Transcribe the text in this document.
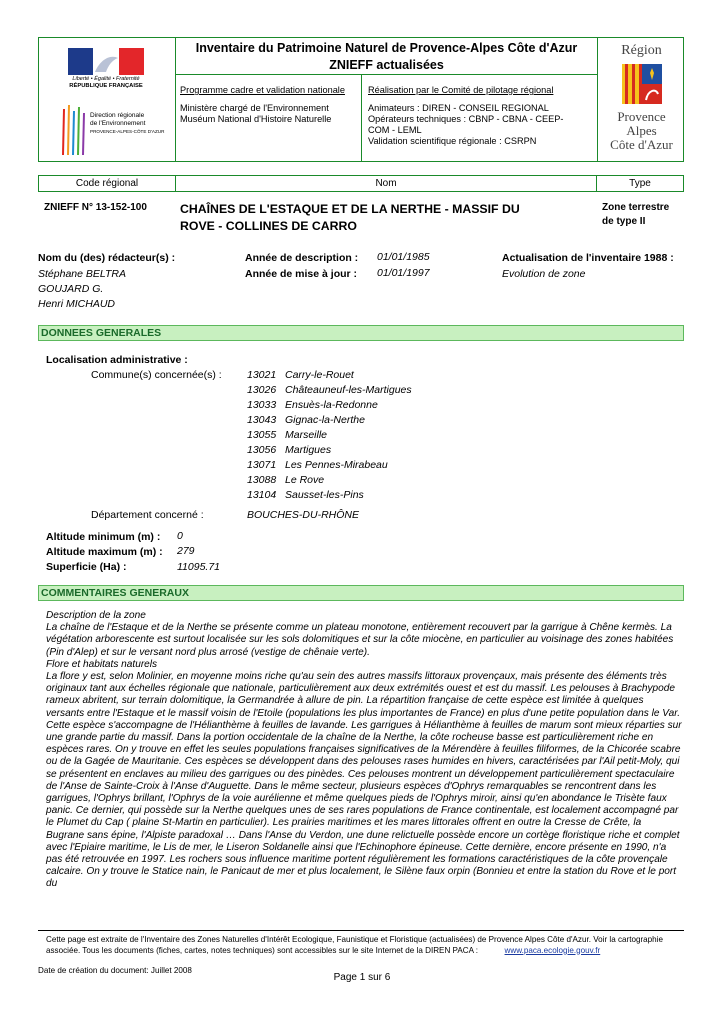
Liberté • Égalité • Fraternité
RÉPUBLIQUE FRANÇAISE
Direction régionale
de l'Environnement
PROVENCE-ALPES-CÔTE D'AZUR
Inventaire du Patrimoine Naturel de Provence-Alpes Côte d'Azur
ZNIEFF actualisées
Programme cadre et validation nationale
Ministère chargé de l'Environnement
Muséum National d'Histoire Naturelle
Réalisation par le Comité de pilotage régional
Animateurs : DIREN - CONSEIL REGIONAL
Opérateurs techniques : CBNP - CBNA - CEEP-
COM - LEML
Validation scientifique régionale : CSRPN
Région
Provence
Alpes
Côte d'Azur
Code régional	Nom	Type
ZNIEFF N° 13-152-100	CHAÎNES DE L'ESTAQUE ET DE LA NERTHE - MASSIF DU
ROVE - COLLINES DE CARRO
Zone terrestre
de type II
Nom du (des) rédacteur(s) :
Stéphane BELTRA
GOUJARD G.
Henri MICHAUD
Année de description : 01/01/1985
Année de mise à jour : 01/01/1997
Actualisation de l'inventaire 1988 :
Evolution de zone
DONNEES GENERALES
Localisation administrative :
Commune(s) concernée(s) : 13021 Carry-le-Rouet
13026 Châteauneuf-les-Martigues
13033 Ensuès-la-Redonne
13043 Gignac-la-Nerthe
13055 Marseille
13056 Martigues
13071 Les Pennes-Mirabeau
13088 Le Rove
13104 Sausset-les-Pins
Département concerné :	BOUCHES-DU-RHÔNE
Altitude minimum (m) : 0
Altitude maximum (m) : 279
Superficie (Ha) :	11095.71
COMMENTAIRES GENERAUX

Description de la zone

La chaîne de l'Estaque et de la Nerthe se présente comme un plateau monotone, entièrement recouvert par la garrigue à Chêne kermès. La végétation arborescente est surtout localisée sur les sols dolomitiques et sur la côte miocène, en particulier au voisinage des zones habitées (Pin d'Alep) et sur le versant nord plus arrosé (vestige de chênaie verte).

Flore et habitats naturels

La flore y est, selon Molinier, en moyenne moins riche qu'au sein des autres massifs littoraux provençaux, mais présente des éléments très originaux tant aux échelles régionale que nationale, particulièrement aux deux extrémités ouest et est du massif. Les pelouses à Brachypode rameux abritent, sur terrain dolomitique, la Germandrée à allure de pin. La répartition française de cette espèce est limitée à quelques versants entre l'Estaque et le massif voisin de l'Etoile (populations les plus importantes de France) en plus d'une petite population dans le Var. Cette espèce s'accompagne de l'Hélianthème à feuilles de lavande. Les garrigues à Hélianthème à feuilles de marum sont mieux réparties sur une grande partie du massif. Dans la portion occidentale de la chaîne de la Nerthe, la côte rocheuse basse est particulièrement riche en espèces rares. On y trouve en effet les seules populations françaises significatives de la Mérendère à feuilles filiformes, de la Chicorée scabre ou de la Gagée de Mauritanie. Ces espèces se développent dans des pelouses rases humides en hivers, caractérisées par l'Ail petit-Moly, qui se présentent en enclaves au milieu des garrigues ou des pinèdes. Ces pelouses montrent un développement particulièrement spectaculaire de l'Anse de Sainte-Croix à l'Anse d'Auguette. Dans le même secteur, plusieurs espèces d'Ophrys remarquables se rencontrent dans les garrigues, l'Ophrys brillant, l'Ophrys de la voie aurélienne et même quelques pieds de l'Ophrys miroir, ainsi qu'en abondance le Trisète faux panic. Ce dernier, qui possède sur la Nerthe quelques unes de ses rares populations de France continentale, est localement accompagné par le Plumet du Cap ( plaine St-Martin en particulier). Les prairies maritimes et les mares littorales offrent en outre la Cresse de Crête, la Bugrane sans épine, l'Alpiste paradoxal … Dans l'Anse du Verdon, une dune relictuelle possède encore un cortège floristique riche et complet avec l'Epiaire maritime, le Lis de mer, le Liseron Soldanelle ainsi que l'Echinophore épineuse. Cette dernière, encore présente en 1990, n'a pas été retrouvée en 1997. Les rochers sous influence maritime portent régulièrement les formations caractéristiques de la côte provençale calcaire. On y trouve le Statice nain, le Panicaut de mer et plus localement, le Silène faux orpin (Bonnieu et entre la station du Rove et le port du

Cette page est extraite de l'Inventaire des Zones Naturelles d'Intérêt Ecologique, Faunistique et Floristique (actualisées) de Provence Alpes Côte d'Azur. Voir la cartographie associée. Tous les documents (fiches, cartes, notes techniques) sont accessibles sur le site Internet de la DIREN PACA :	www.paca.ecologie.gouv.fr
Date de création du document: Juillet 2008
Page 1 sur 6
